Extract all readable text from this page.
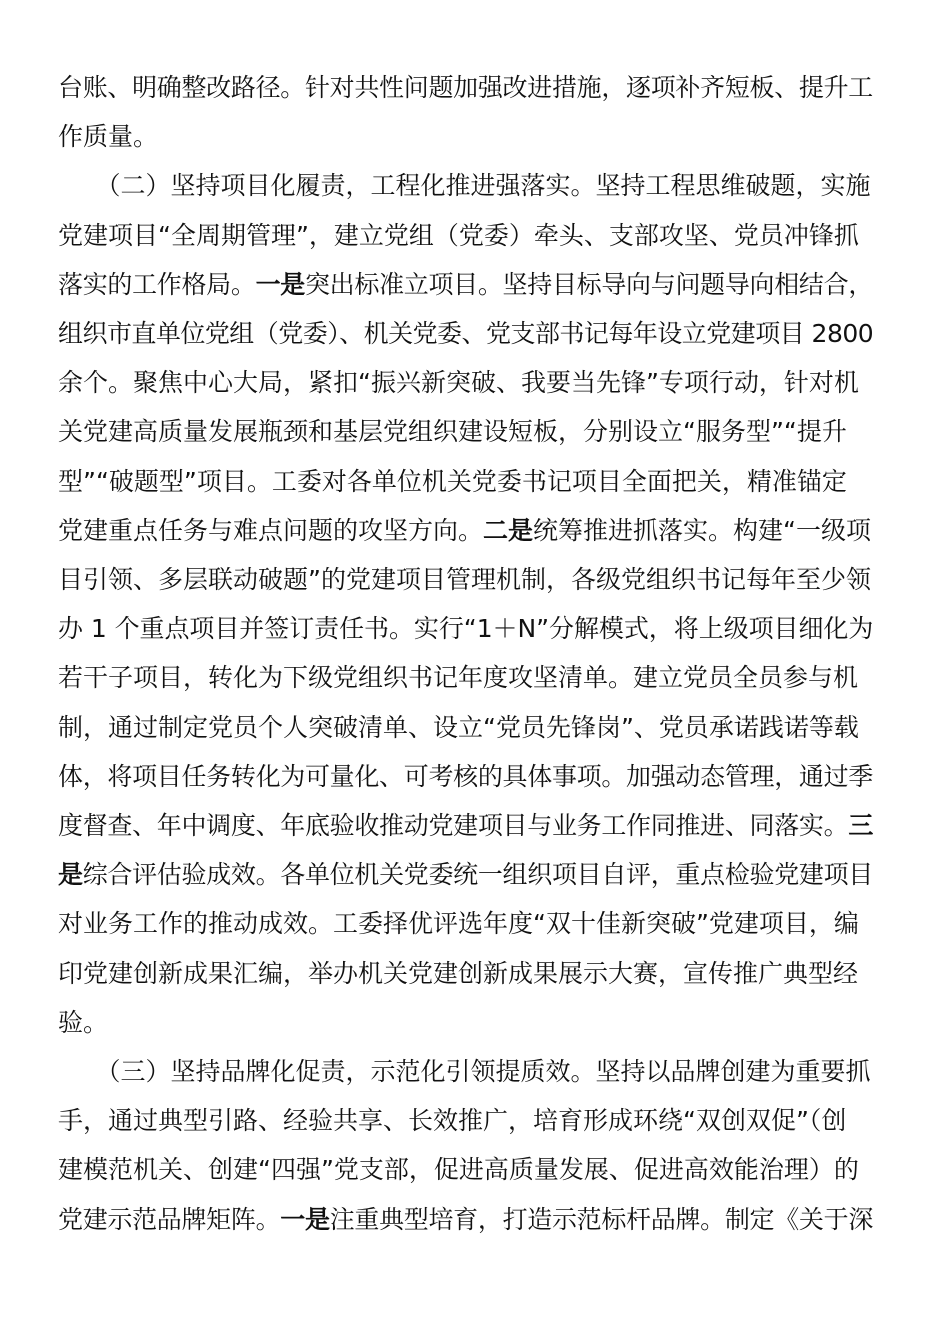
台账、明确整改路径。针对共性问题加强改进措施，逐项补齐短板、提升工
作质量。
　　（二）坚持项目化履责，工程化推进强落实。坚持工程思维破题，实施
党建项目“全周期管理”，建立党组（党委）牵头、支部攻坚、党员冲锋抓
落实的工作格局。一是突出标准立项目。坚持目标导向与问题导向相结合，
组织市直单位党组（党委）、机关党委、党支部书记每年设立党建项目 2800
余个。聚焦中心大局，紧扣“振兴新突破、我要当先锋”专项行动，针对机
关党建高质量发展瓶颈和基层党组织建设短板，分别设立“服务型”“提升
型”“破题型”项目。工委对各单位机关党委书记项目全面把关，精准锚定
党建重点任务与难点问题的攻坚方向。二是统筹推进抓落实。构建“一级项
目引领、多层联动破题”的党建项目管理机制，各级党组织书记每年至少领
办 1 个重点项目并签订责任书。实行“1＋N”分解模式，将上级项目细化为
若干子项目，转化为下级党组织书记年度攻坚清单。建立党员全员参与机
制，通过制定党员个人突破清单、设立“党员先锋岗”、党员承诺践诺等载
体，将项目任务转化为可量化、可考核的具体事项。加强动态管理，通过季
度督查、年中调度、年底验收推动党建项目与业务工作同推进、同落实。三
是综合评估验成效。各单位机关党委统一组织项目自评，重点检验党建项目
对业务工作的推动成效。工委择优评选年度“双十佳新突破”党建项目，编
印党建创新成果汇编，举办机关党建创新成果展示大赛，宣传推广典型经
验。
　　（三）坚持品牌化促责，示范化引领提质效。坚持以品牌创建为重要抓
手，通过典型引路、经验共享、长效推广，培育形成环绕“双创双促”（创
建模范机关、创建“四强”党支部，促进高质量发展、促进高效能治理）的
党建示范品牌矩阵。一是注重典型培育，打造示范标杆品牌。制定《关于深
